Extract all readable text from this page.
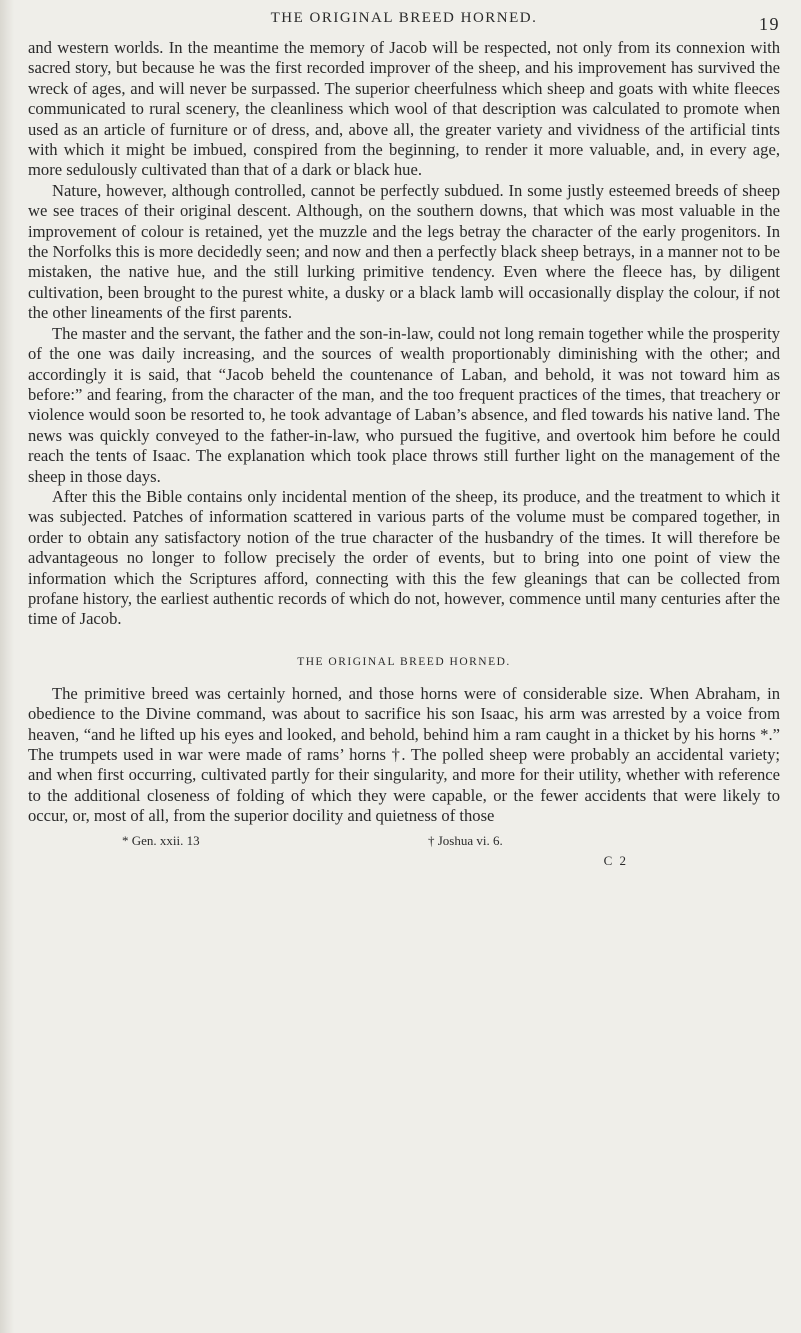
THE ORIGINAL BREED HORNED.	19

and western worlds. In the meantime the memory of Jacob will be respected, not only from its connexion with sacred story, but because he was the first recorded improver of the sheep, and his improvement has survived the wreck of ages, and will never be surpassed. The superior cheerfulness which sheep and goats with white fleeces communicated to rural scenery, the cleanliness which wool of that description was calculated to promote when used as an article of furniture or of dress, and, above all, the greater variety and vividness of the artificial tints with which it might be imbued, conspired from the beginning, to render it more valuable, and, in every age, more sedulously cultivated than that of a dark or black hue.

Nature, however, although controlled, cannot be perfectly subdued. In some justly esteemed breeds of sheep we see traces of their original descent. Although, on the southern downs, that which was most valuable in the improvement of colour is retained, yet the muzzle and the legs betray the character of the early progenitors. In the Norfolks this is more decidedly seen; and now and then a perfectly black sheep betrays, in a manner not to be mistaken, the native hue, and the still lurking primitive tendency. Even where the fleece has, by diligent cultivation, been brought to the purest white, a dusky or a black lamb will occasionally display the colour, if not the other lineaments of the first parents.

The master and the servant, the father and the son-in-law, could not long remain together while the prosperity of the one was daily increasing, and the sources of wealth proportionably diminishing with the other; and accordingly it is said, that “Jacob beheld the countenance of Laban, and behold, it was not toward him as before:” and fearing, from the character of the man, and the too frequent practices of the times, that treachery or violence would soon be resorted to, he took advantage of Laban’s absence, and fled towards his native land. The news was quickly conveyed to the father-in-law, who pursued the fugitive, and overtook him before he could reach the tents of Isaac. The explanation which took place throws still further light on the management of the sheep in those days.

After this the Bible contains only incidental mention of the sheep, its produce, and the treatment to which it was subjected. Patches of information scattered in various parts of the volume must be compared together, in order to obtain any satisfactory notion of the true character of the husbandry of the times. It will therefore be advantageous no longer to follow precisely the order of events, but to bring into one point of view the information which the Scriptures afford, connecting with this the few gleanings that can be collected from profane history, the earliest authentic records of which do not, however, commence until many centuries after the time of Jacob.

THE ORIGINAL BREED HORNED.

The primitive breed was certainly horned, and those horns were of considerable size. When Abraham, in obedience to the Divine command, was about to sacrifice his son Isaac, his arm was arrested by a voice from heaven, “and he lifted up his eyes and looked, and behold, behind him a ram caught in a thicket by his horns *.” The trumpets used in war were made of rams’ horns †. The polled sheep were probably an accidental variety; and when first occurring, cultivated partly for their singularity, and more for their utility, whether with reference to the additional closeness of folding of which they were capable, or the fewer accidents that were likely to occur, or, most of all, from the superior docility and quietness of those

* Gen. xxii. 13	† Joshua vi. 6.
C 2
